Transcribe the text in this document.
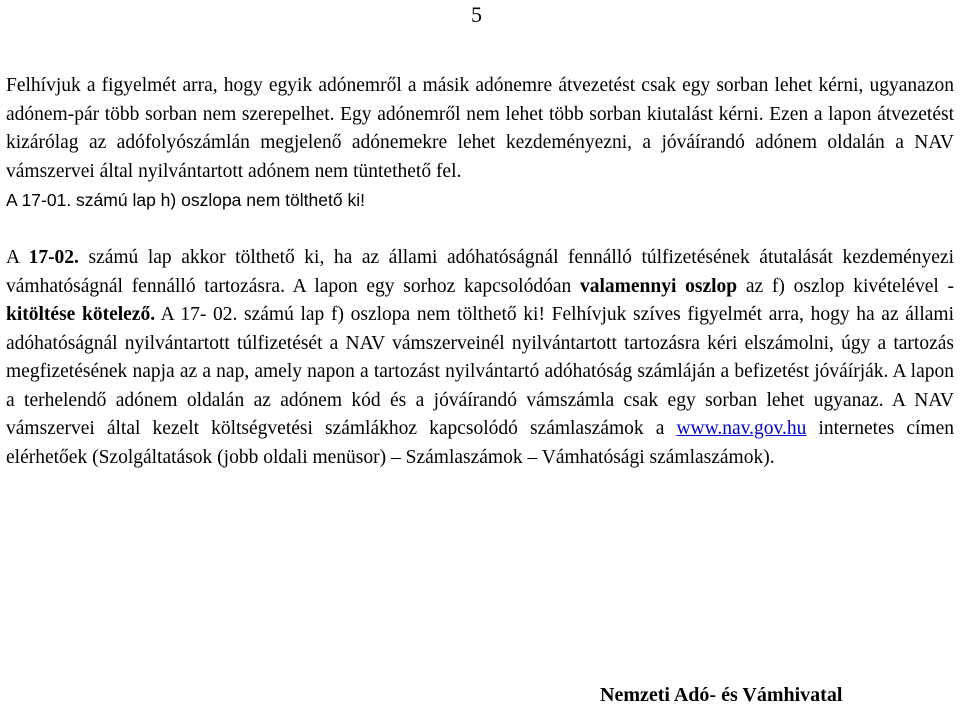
5

Felhívjuk a figyelmét arra, hogy egyik adónemről a másik adónemre átvezetést csak egy sorban lehet kérni, ugyanazon adónem-pár több sorban nem szerepelhet. Egy adónemről nem lehet több sorban kiutalást kérni. Ezen a lapon átvezetést kizárólag az adófolyószámlán megjelenő adónemekre lehet kezdeményezni, a jóváírandó adónem oldalán a NAV vámszervei által nyilvántartott adónem nem tüntethető fel.

A 17-01. számú lap h) oszlopa nem tölthető ki!

A 17-02. számú lap akkor tölthető ki, ha az állami adóhatóságnál fennálló túlfizetésének átutalását kezdeményezi vámhatóságnál fennálló tartozásra. A lapon egy sorhoz kapcsolódóan valamennyi oszlop az f) oszlop kivételével - kitöltése kötelező. A 17- 02. számú lap f) oszlopa nem tölthető ki! Felhívjuk szíves figyelmét arra, hogy ha az állami adóhatóságnál nyilvántartott túlfizetését a NAV vámszerveinél nyilvántartott tartozásra kéri elszámolni, úgy a tartozás megfizetésének napja az a nap, amely napon a tartozást nyilvántartó adóhatóság számláján a befizetést jóváírják. A lapon a terhelendő adónem oldalán az adónem kód és a jóváírandó vámszámla csak egy sorban lehet ugyanaz. A NAV vámszervei által kezelt költségvetési számlákhoz kapcsolódó számlaszámok a www.nav.gov.hu internetes címen elérhetőek (Szolgáltatások (jobb oldali menüsor) – Számlaszámok – Vámhatósági számlaszámok).

Nemzeti Adó- és Vámhivatal
